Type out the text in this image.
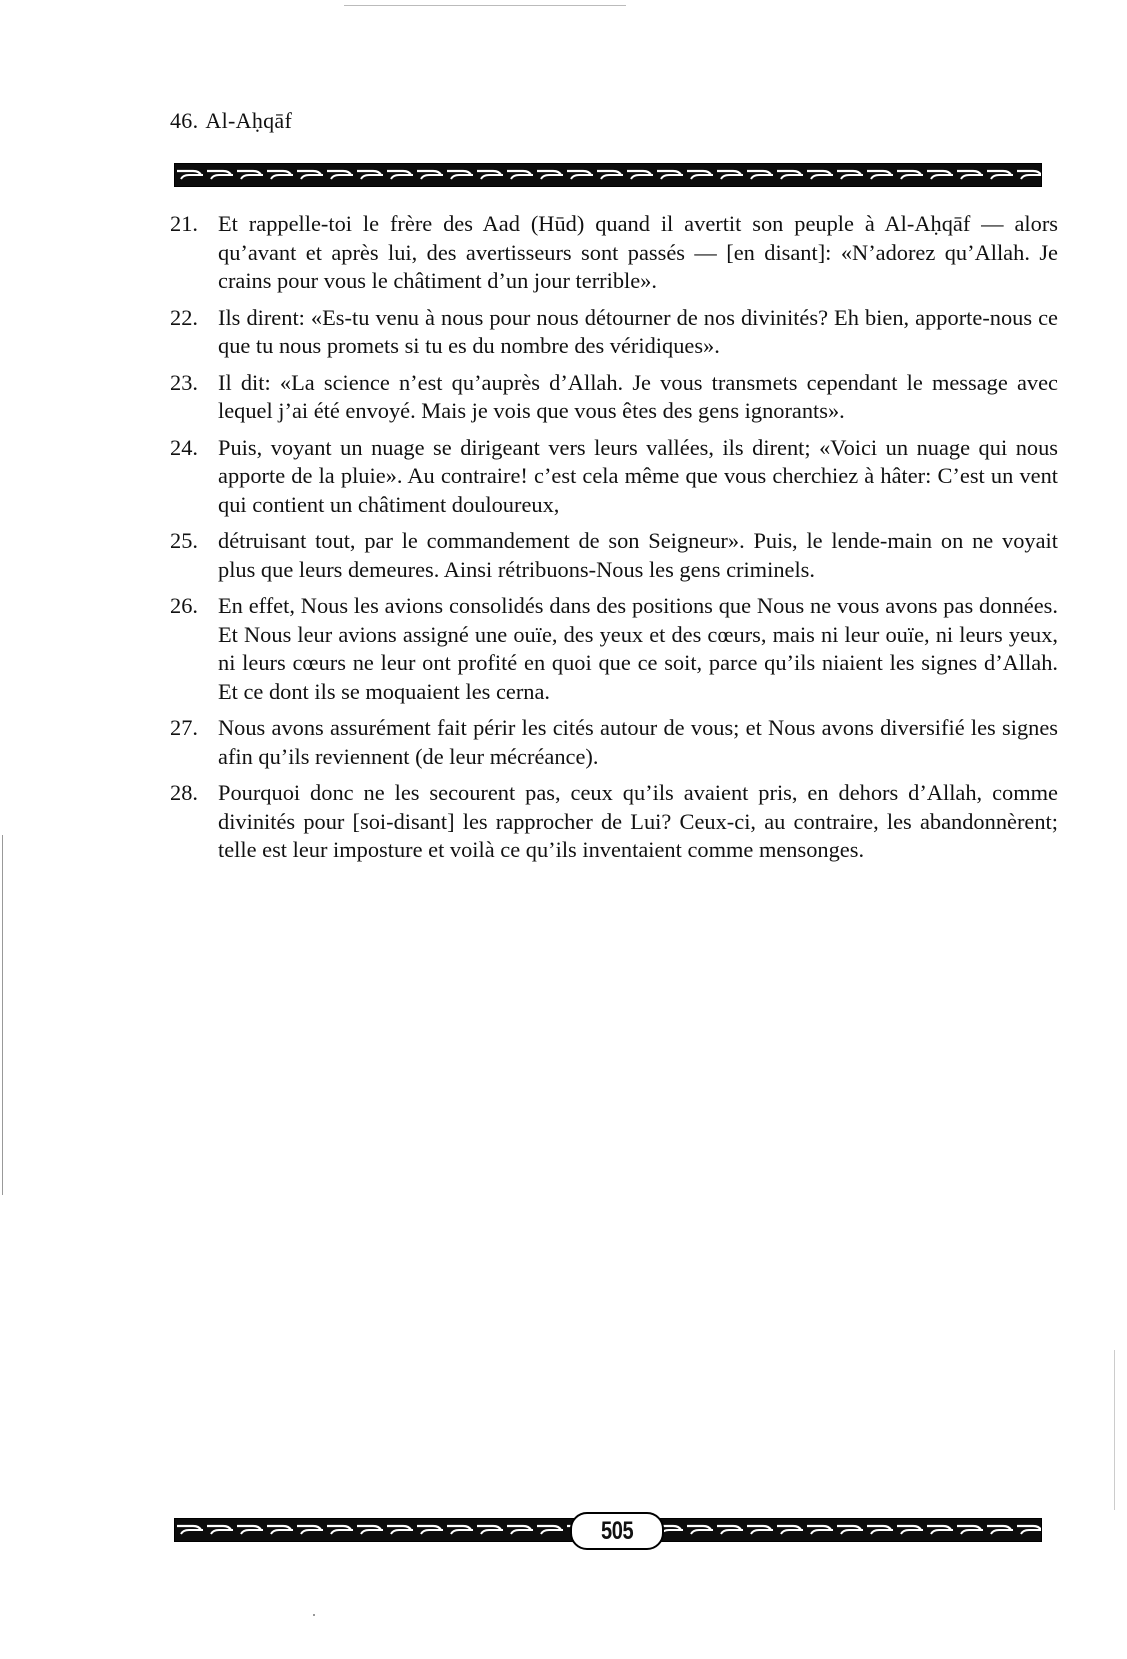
46. Al-Aḥqāf
21. Et rappelle-toi le frère des Aad (Hūd) quand il avertit son peuple à Al-Aḥqāf — alors qu’avant et après lui, des avertisseurs sont passés — [en disant]: «N’adorez qu’Allah. Je crains pour vous le châtiment d’un jour terrible».
22. Ils dirent: «Es-tu venu à nous pour nous détourner de nos divinités? Eh bien, apporte-nous ce que tu nous promets si tu es du nombre des véridiques».
23. Il dit: «La science n’est qu’auprès d’Allah. Je vous transmets cependant le message avec lequel j’ai été envoyé. Mais je vois que vous êtes des gens ignorants».
24. Puis, voyant un nuage se dirigeant vers leurs vallées, ils dirent; «Voici un nuage qui nous apporte de la pluie». Au contraire! c’est cela même que vous cherchiez à hâter: C’est un vent qui contient un châtiment douloureux,
25. détruisant tout, par le commandement de son Seigneur». Puis, le lende-main on ne voyait plus que leurs demeures. Ainsi rétribuons-Nous les gens criminels.
26. En effet, Nous les avions consolidés dans des positions que Nous ne vous avons pas données. Et Nous leur avions assigné une ouïe, des yeux et des cœurs, mais ni leur ouïe, ni leurs yeux, ni leurs cœurs ne leur ont profité en quoi que ce soit, parce qu’ils niaient les signes d’Allah. Et ce dont ils se moquaient les cerna.
27. Nous avons assurément fait périr les cités autour de vous; et Nous avons diversifié les signes afin qu’ils reviennent (de leur mécréance).
28. Pourquoi donc ne les secourent pas, ceux qu’ils avaient pris, en dehors d’Allah, comme divinités pour [soi-disant] les rapprocher de Lui? Ceux-ci, au contraire, les abandonnèrent; telle est leur imposture et voilà ce qu’ils inventaient comme mensonges.
505
